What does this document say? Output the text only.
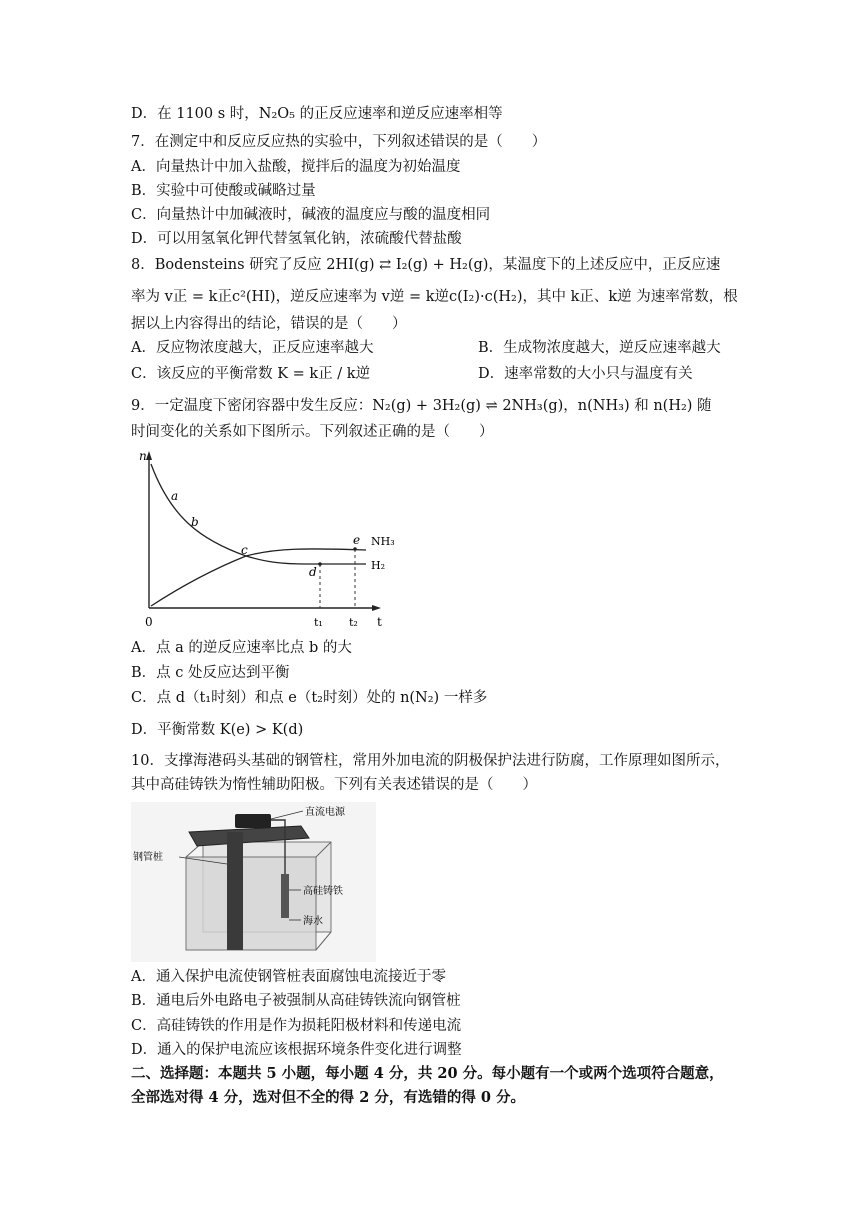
D．在 1100 s 时，N₂O₅ 的正反应速率和逆反应速率相等
7．在测定中和反应反应热的实验中，下列叙述错误的是（　　）
A．向量热计中加入盐酸，搅拌后的温度为初始温度
B．实验中可使酸或碱略过量
C．向量热计中加碱液时，碱液的温度应与酸的温度相同
D．可以用氢氧化钾代替氢氧化钠，浓硫酸代替盐酸
8．Bodensteins 研究了反应 2HI(g) ⇄ I₂(g) + H₂(g)，某温度下的上述反应中，正反应速
率为 v正 = k正c²(HI)，逆反应速率为 v逆 = k逆c(I₂)·c(H₂)，其中 k正、k逆 为速率常数，根
据以上内容得出的结论，错误的是（　　）
A．反应物浓度越大，正反应速率越大	B．生成物浓度越大，逆反应速率越大
C．该反应的平衡常数 K = k正 / k逆	D．速率常数的大小只与温度有关
9．一定温度下密闭容器中发生反应：N₂(g) + 3H₂(g) ⇌ 2NH₃(g)，n(NH₃) 和 n(H₂) 随
时间变化的关系如下图所示。下列叙述正确的是（　　）
n
t
0
a
b
c
d
e NH₃
H₂
t₁ t₂
A．点 a 的逆反应速率比点 b 的大
B．点 c 处反应达到平衡
C．点 d（t₁时刻）和点 e（t₂时刻）处的 n(N₂) 一样多
D．平衡常数 K(e) > K(d)
10．支撑海港码头基础的钢管柱，常用外加电流的阴极保护法进行防腐，工作原理如图所示，
其中高硅铸铁为惰性辅助阳极。下列有关表述错误的是（　　）
直流电源
钢管桩
高硅铸铁
海水
A．通入保护电流使钢管桩表面腐蚀电流接近于零
B．通电后外电路电子被强制从高硅铸铁流向钢管桩
C．高硅铸铁的作用是作为损耗阳极材料和传递电流
D．通入的保护电流应该根据环境条件变化进行调整
二、选择题：本题共 5 小题，每小题 4 分，共 20 分。每小题有一个或两个选项符合题意，
全部选对得 4 分，选对但不全的得 2 分，有选错的得 0 分。
